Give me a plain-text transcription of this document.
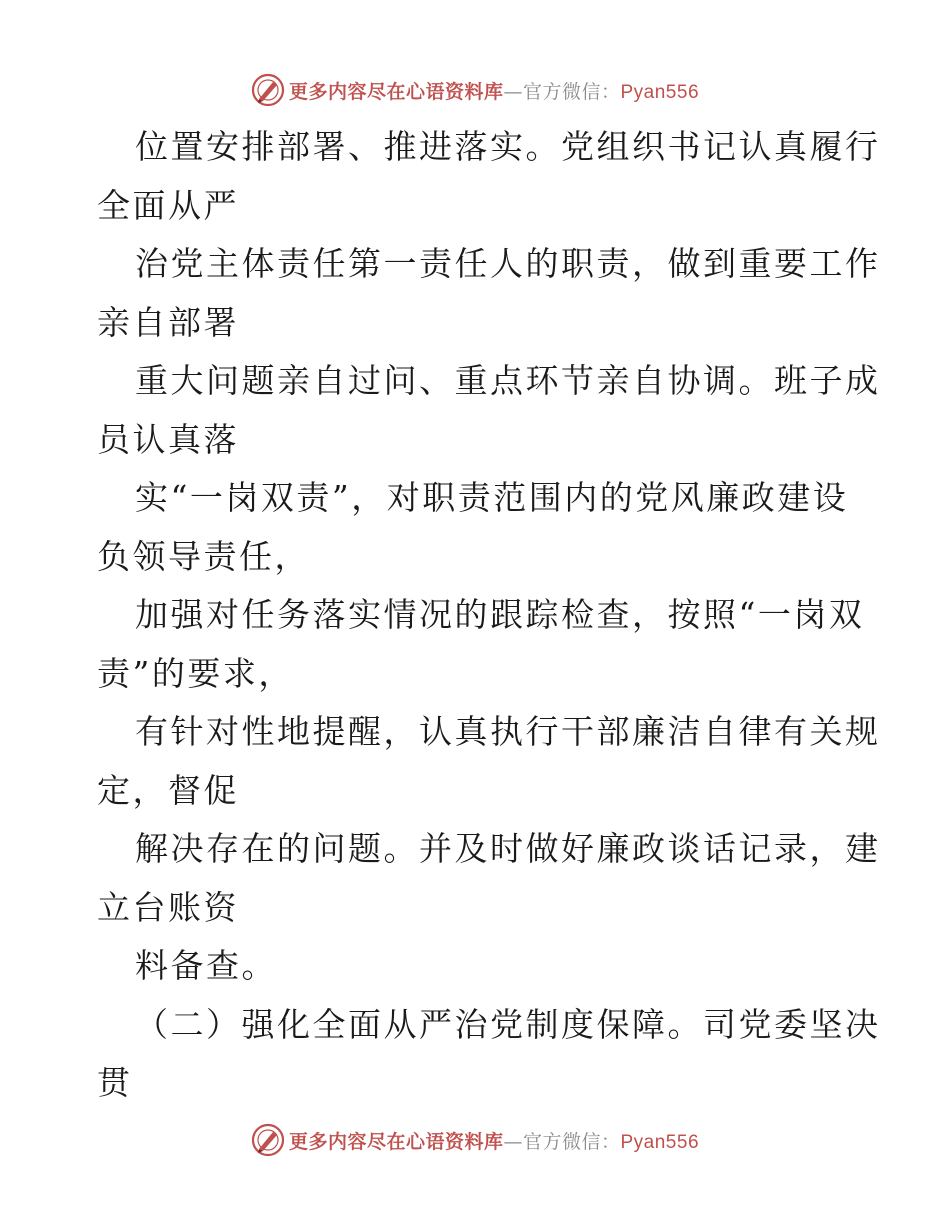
更多内容尽在心语资料库—官方微信：Pyan556
位置安排部署、推进落实。党组织书记认真履行
全面从严
治党主体责任第一责任人的职责，做到重要工作
亲自部署
重大问题亲自过问、重点环节亲自协调。班子成
员认真落
实“一岗双责”，对职责范围内的党风廉政建设
负领导责任，
加强对任务落实情况的跟踪检查，按照“一岗双
责”的要求，
有针对性地提醒，认真执行干部廉洁自律有关规
定，督促
解决存在的问题。并及时做好廉政谈话记录，建
立台账资
料备查。
（二）强化全面从严治党制度保障。司党委坚决
贯
更多内容尽在心语资料库—官方微信：Pyan556
